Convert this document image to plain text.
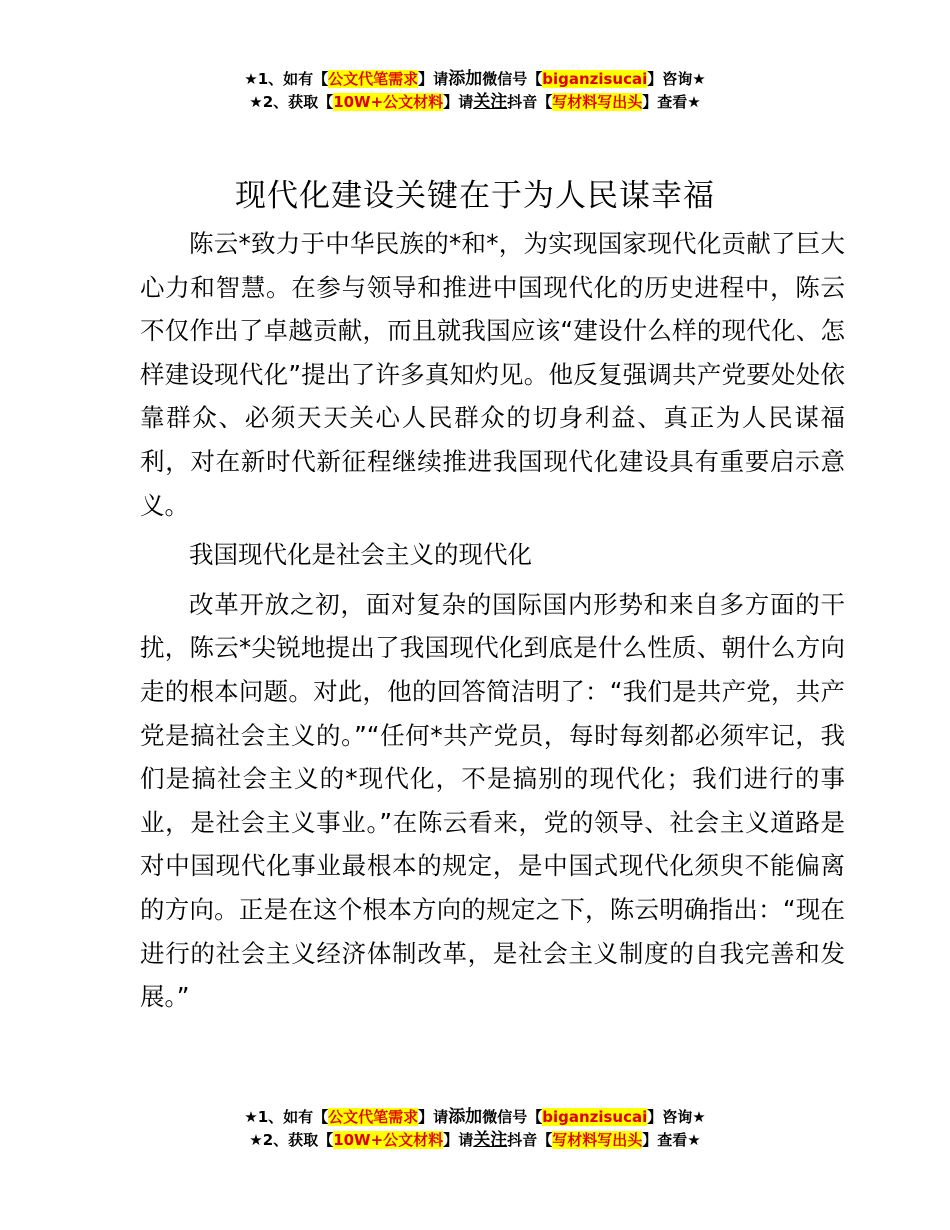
★1、如有【公文代笔需求】请添加微信号【biganzisucai】咨询★
★2、获取【10W+公文材料】请关注抖音【写材料写出头】查看★
现代化建设关键在于为人民谋幸福

陈云*致力于中华民族的*和*，为实现国家现代化贡献了巨大心力和智慧。在参与领导和推进中国现代化的历史进程中，陈云不仅作出了卓越贡献，而且就我国应该“建设什么样的现代化、怎样建设现代化”提出了许多真知灼见。他反复强调共产党要处处依靠群众、必须天天关心人民群众的切身利益、真正为人民谋福利，对在新时代新征程继续推进我国现代化建设具有重要启示意义。

我国现代化是社会主义的现代化

改革开放之初，面对复杂的国际国内形势和来自多方面的干扰，陈云*尖锐地提出了我国现代化到底是什么性质、朝什么方向走的根本问题。对此，他的回答简洁明了：“我们是共产党，共产党是搞社会主义的。”“任何*共产党员，每时每刻都必须牢记，我们是搞社会主义的*现代化，不是搞别的现代化；我们进行的事业，是社会主义事业。”在陈云看来，党的领导、社会主义道路是对中国现代化事业最根本的规定，是中国式现代化须臾不能偏离的方向。正是在这个根本方向的规定之下，陈云明确指出：“现在进行的社会主义经济体制改革，是社会主义制度的自我完善和发展。”

★1、如有【公文代笔需求】请添加微信号【biganzisucai】咨询★
★2、获取【10W+公文材料】请关注抖音【写材料写出头】查看★
